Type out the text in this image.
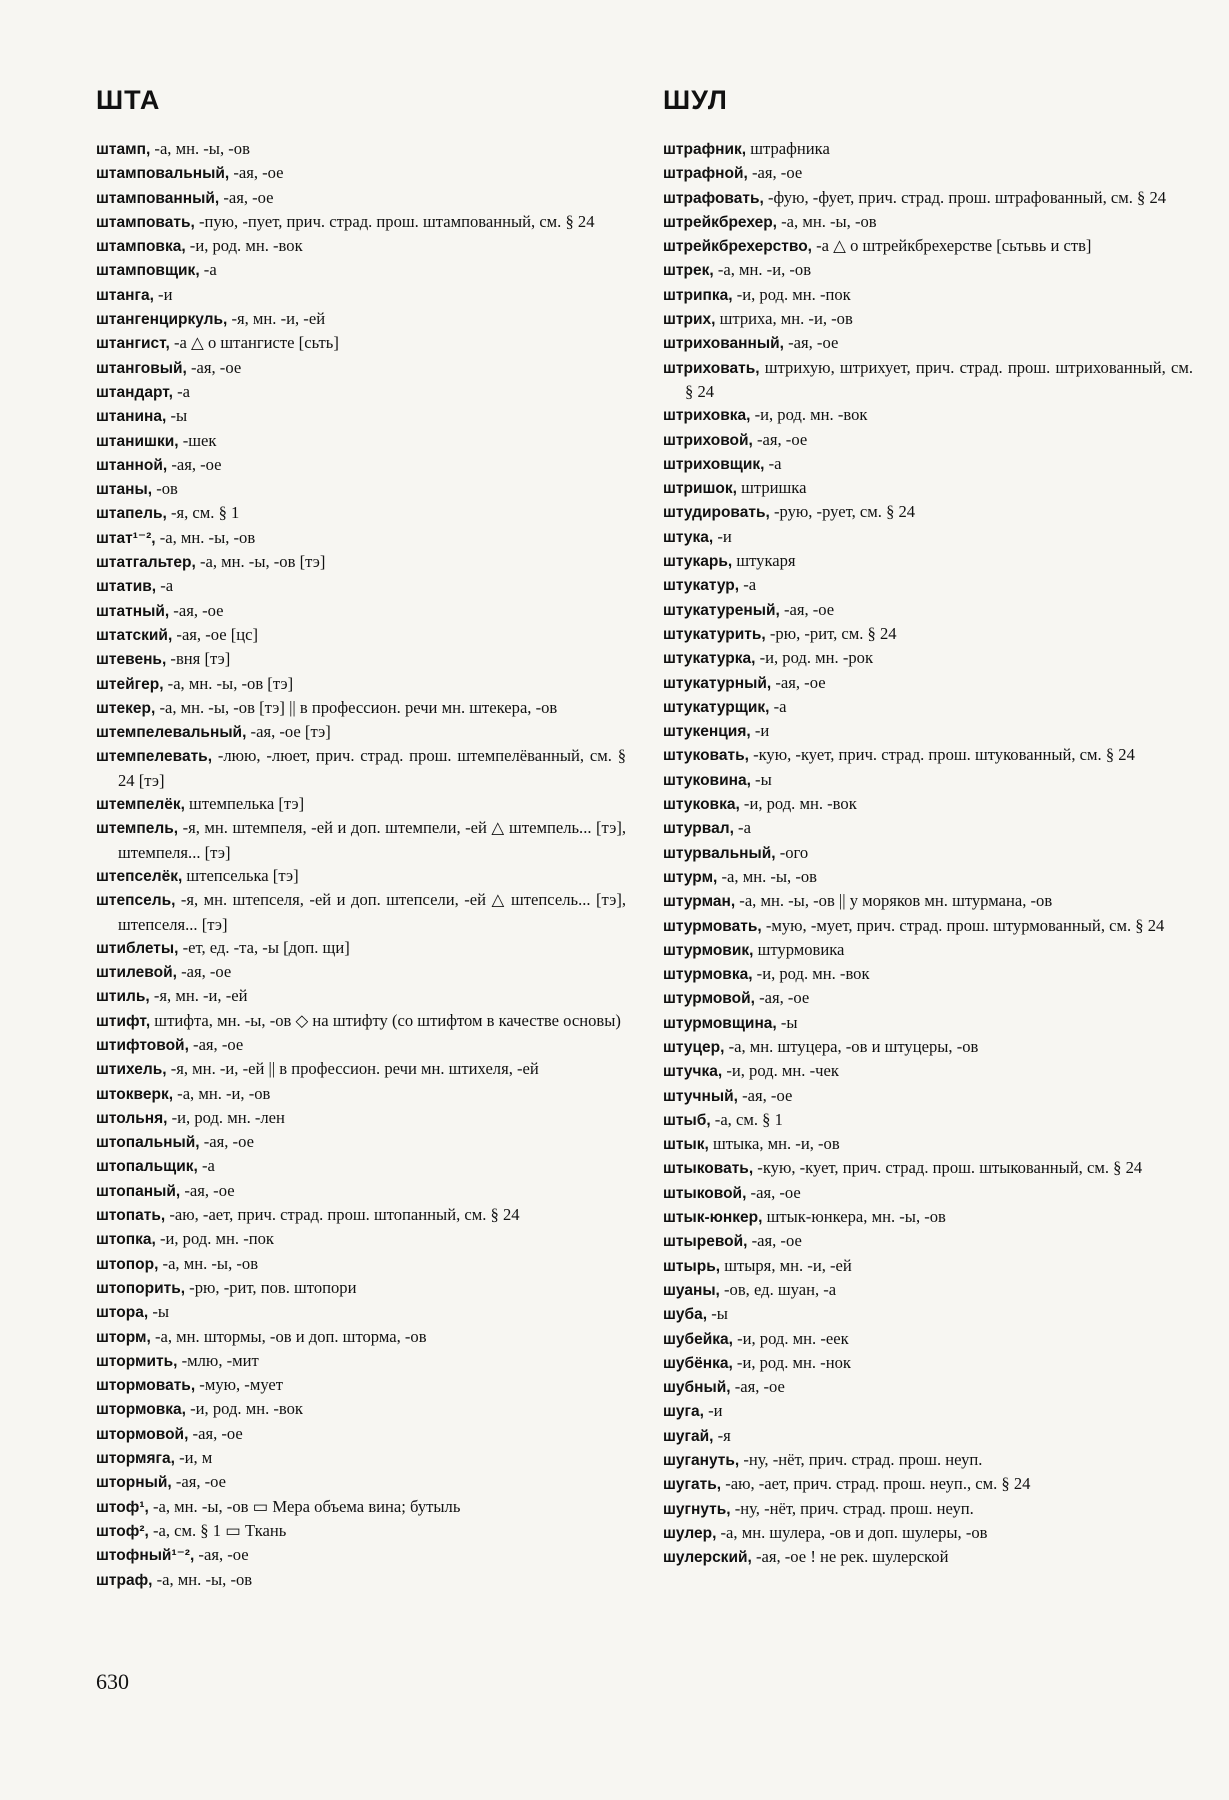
ШТА
штамп, -а, мн. -ы, -ов
штамповальный, -ая, -ое
штампованный, -ая, -ое
штамповать, -пую, -пует, прич. страд. прош. штампованный, см. § 24
штамповка, -и, род. мн. -вок
штамповщик, -а
штанга, -и
штангенциркуль, -я, мн. -и, -ей
штангист, -а △ о штангисте [сьть]
штанговый, -ая, -ое
штандарт, -а
штанина, -ы
штанишки, -шек
штанной, -ая, -ое
штаны, -ов
штапель, -я, см. § 1
штат¹⁻², -а, мн. -ы, -ов
штатгальтер, -а, мн. -ы, -ов [тэ]
штатив, -а
штатный, -ая, -ое
штатский, -ая, -ое [цс]
штевень, -вня [тэ]
штейгер, -а, мн. -ы, -ов [тэ]
штекер, -а, мн. -ы, -ов [тэ] || в профессион. речи мн. штекера, -ов
штемпелевальный, -ая, -ое [тэ]
штемпелевать, -люю, -люет, прич. страд. прош. штемпелёванный, см. § 24 [тэ]
штемпелёк, штемпелька [тэ]
штемпель, -я, мн. штемпеля, -ей и доп. штемпели, -ей △ штемпель... [тэ], штемпеля... [тэ]
штепселёк, штепселька [тэ]
штепсель, -я, мн. штепселя, -ей и доп. штепсели, -ей △ штепсель... [тэ], штепселя... [тэ]
штиблеты, -ет, ед. -та, -ы [доп. щи]
штилевой, -ая, -ое
штиль, -я, мн. -и, -ей
штифт, штифта, мн. -ы, -ов ◇ на штифту (со штифтом в качестве основы)
штифтовой, -ая, -ое
штихель, -я, мн. -и, -ей || в профессион. речи мн. штихеля, -ей
штокверк, -а, мн. -и, -ов
штольня, -и, род. мн. -лен
штопальный, -ая, -ое
штопальщик, -а
штопаный, -ая, -ое
штопать, -аю, -ает, прич. страд. прош. штопанный, см. § 24
штопка, -и, род. мн. -пок
штопор, -а, мн. -ы, -ов
штопорить, -рю, -рит, пов. штопори
штора, -ы
шторм, -а, мн. штормы, -ов и доп. шторма, -ов
штормить, -млю, -мит
штормовать, -мую, -мует
штормовка, -и, род. мн. -вок
штормовой, -ая, -ое
штормяга, -и, м
шторный, -ая, -ое
штоф¹, -а, мн. -ы, -ов ▭ Мера объема вина; бутыль
штоф², -а, см. § 1 ▭ Ткань
штофный¹⁻², -ая, -ое
штраф, -а, мн. -ы, -ов
ШУЛ
штрафник, штрафника
штрафной, -ая, -ое
штрафовать, -фую, -фует, прич. страд. прош. штрафованный, см. § 24
штрейкбрехер, -а, мн. -ы, -ов
штрейкбрехерство, -а △ о штрейкбрехерстве [сьтьвь и ств]
штрек, -а, мн. -и, -ов
штрипка, -и, род. мн. -пок
штрих, штриха, мн. -и, -ов
штрихованный, -ая, -ое
штриховать, штрихую, штрихует, прич. страд. прош. штрихованный, см. § 24
штриховка, -и, род. мн. -вок
штриховой, -ая, -ое
штриховщик, -а
штришок, штришка
штудировать, -рую, -рует, см. § 24
штука, -и
штукарь, штукаря
штукатур, -а
штукатуреный, -ая, -ое
штукатурить, -рю, -рит, см. § 24
штукатурка, -и, род. мн. -рок
штукатурный, -ая, -ое
штукатурщик, -а
штукенция, -и
штуковать, -кую, -кует, прич. страд. прош. штукованный, см. § 24
штуковина, -ы
штуковка, -и, род. мн. -вок
штурвал, -а
штурвальный, -ого
штурм, -а, мн. -ы, -ов
штурман, -а, мн. -ы, -ов || у моряков мн. штурмана, -ов
штурмовать, -мую, -мует, прич. страд. прош. штурмованный, см. § 24
штурмовик, штурмовика
штурмовка, -и, род. мн. -вок
штурмовой, -ая, -ое
штурмовщина, -ы
штуцер, -а, мн. штуцера, -ов и штуцеры, -ов
штучка, -и, род. мн. -чек
штучный, -ая, -ое
штыб, -а, см. § 1
штык, штыка, мн. -и, -ов
штыковать, -кую, -кует, прич. страд. прош. штыкованный, см. § 24
штыковой, -ая, -ое
штык-юнкер, штык-юнкера, мн. -ы, -ов
штыревой, -ая, -ое
штырь, штыря, мн. -и, -ей
шуаны, -ов, ед. шуан, -а
шуба, -ы
шубейка, -и, род. мн. -еек
шубёнка, -и, род. мн. -нок
шубный, -ая, -ое
шуга, -и
шугай, -я
шугануть, -ну, -нёт, прич. страд. прош. неуп.
шугать, -аю, -ает, прич. страд. прош. неуп., см. § 24
шугнуть, -ну, -нёт, прич. страд. прош. неуп.
шулер, -а, мн. шулера, -ов и доп. шулеры, -ов
шулерский, -ая, -ое ! не рек. шулерской
630
